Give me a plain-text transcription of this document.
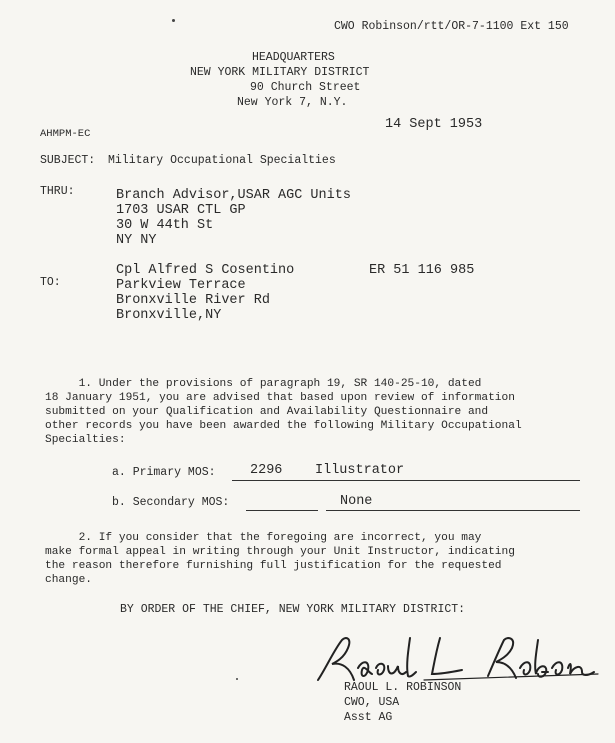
CWO Robinson/rtt/OR-7-1100 Ext 150
HEADQUARTERS
NEW YORK MILITARY DISTRICT
90 Church Street
New York 7, N.Y.
AHMPM-EC
14 Sept 1953
SUBJECT: Military Occupational Specialties
THRU:	Branch Advisor,USAR AGC Units
1703 USAR CTL GP
30 W 44th St
NY NY
TO:
Cpl Alfred S Cosentino
Parkview Terrace
Bronxville River Rd
Bronxville,NY
ER 51 116 985
1. Under the provisions of paragraph 19, SR 140-25-10, dated
18 January 1951, you are advised that based upon review of information
submitted on your Qualification and Availability Questionnaire and
other records you have been awarded the following Military Occupational
Specialties:
a. Primary MOS:	2296 Illustrator
b. Secondary MOS:	None
2. If you consider that the foregoing are incorrect, you may
make formal appeal in writing through your Unit Instructor, indicating
the reason therefore furnishing full justification for the requested
change.
BY ORDER OF THE CHIEF, NEW YORK MILITARY DISTRICT:
RAOUL L. ROBINSON
CWO, USA
Asst AG
